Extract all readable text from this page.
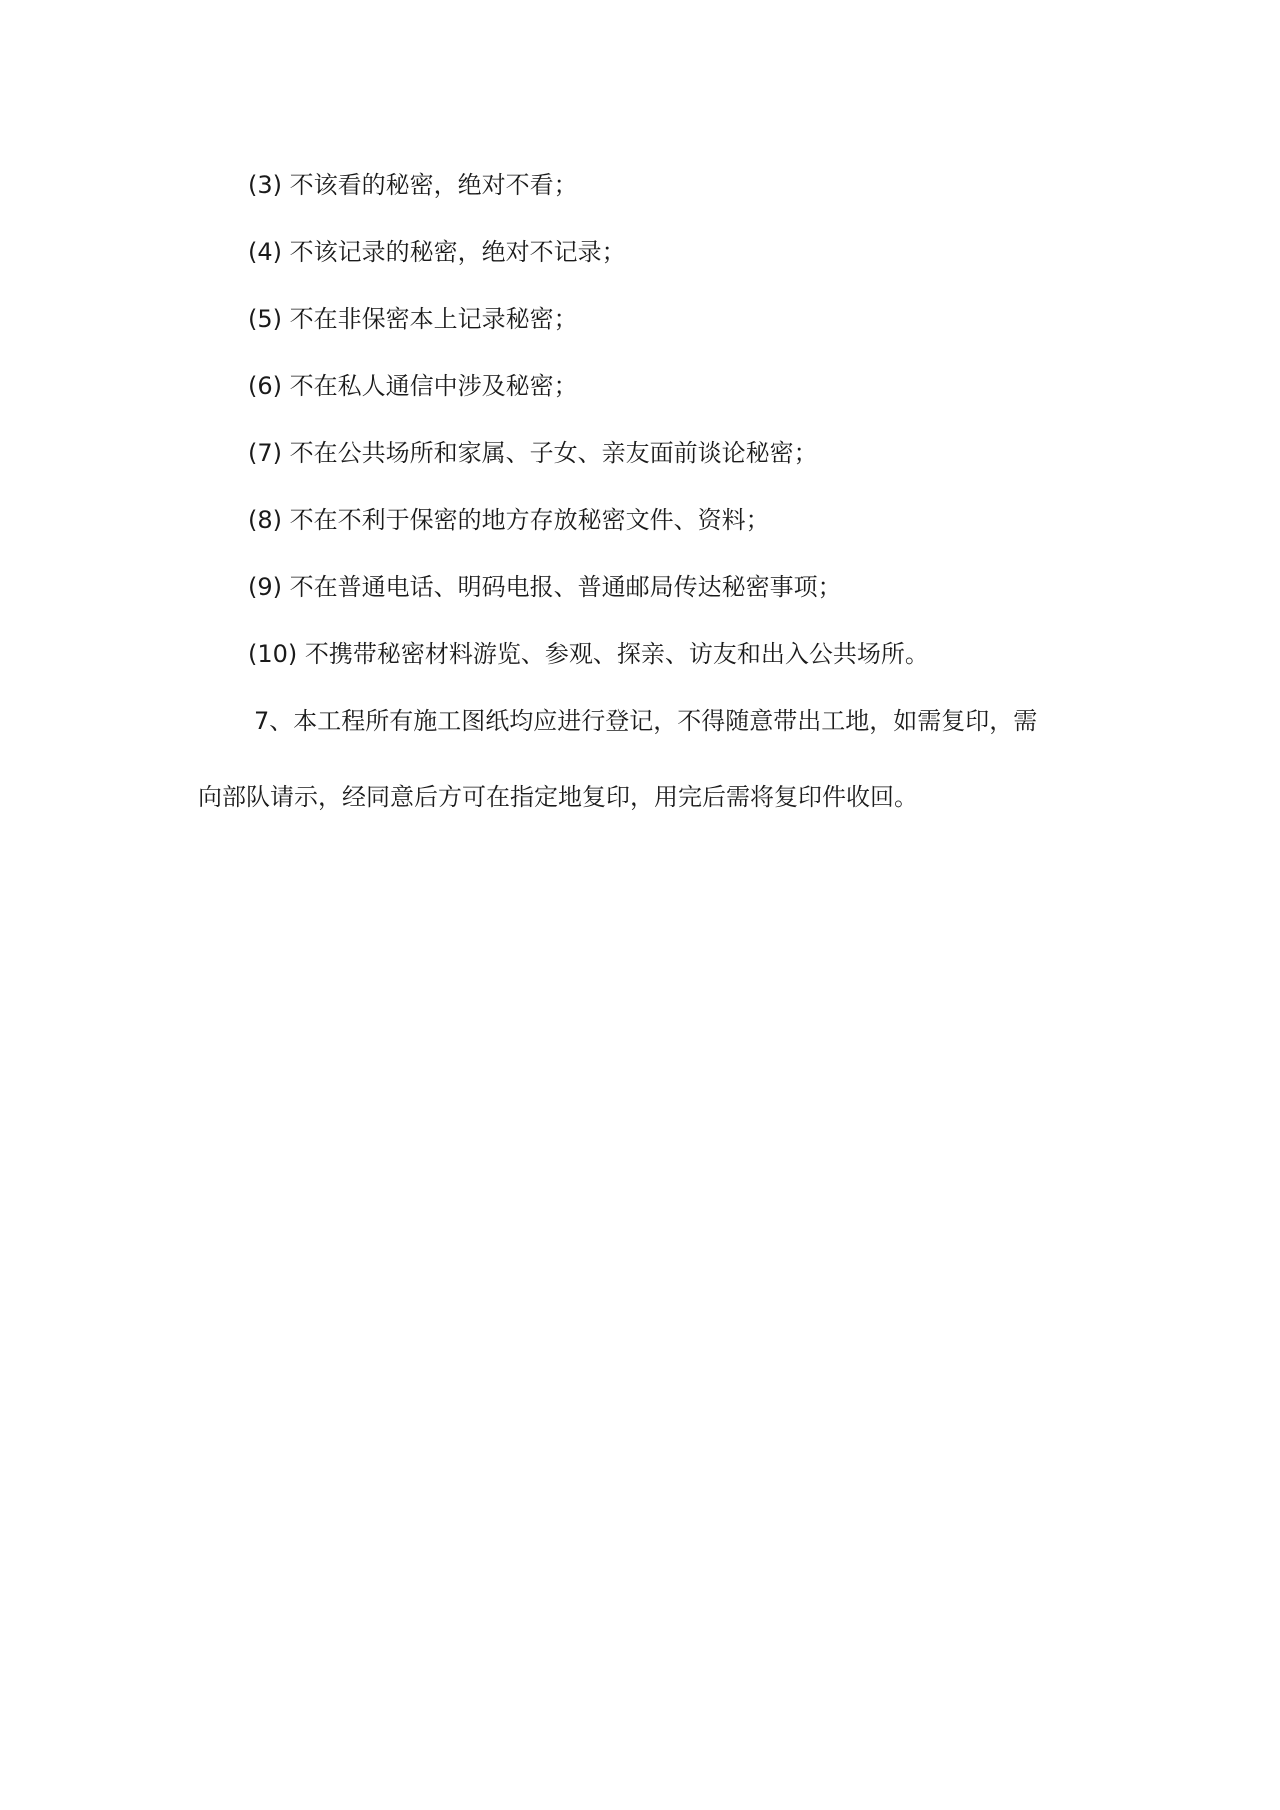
(3) 不该看的秘密，绝对不看；
(4) 不该记录的秘密，绝对不记录；
(5) 不在非保密本上记录秘密；
(6) 不在私人通信中涉及秘密；
(7) 不在公共场所和家属、子女、亲友面前谈论秘密；
(8) 不在不利于保密的地方存放秘密文件、资料；
(9) 不在普通电话、明码电报、普通邮局传达秘密事项；
(10) 不携带秘密材料游览、参观、探亲、访友和出入公共场所。
7、本工程所有施工图纸均应进行登记，不得随意带出工地，如需复印，需
向部队请示，经同意后方可在指定地复印，用完后需将复印件收回。
